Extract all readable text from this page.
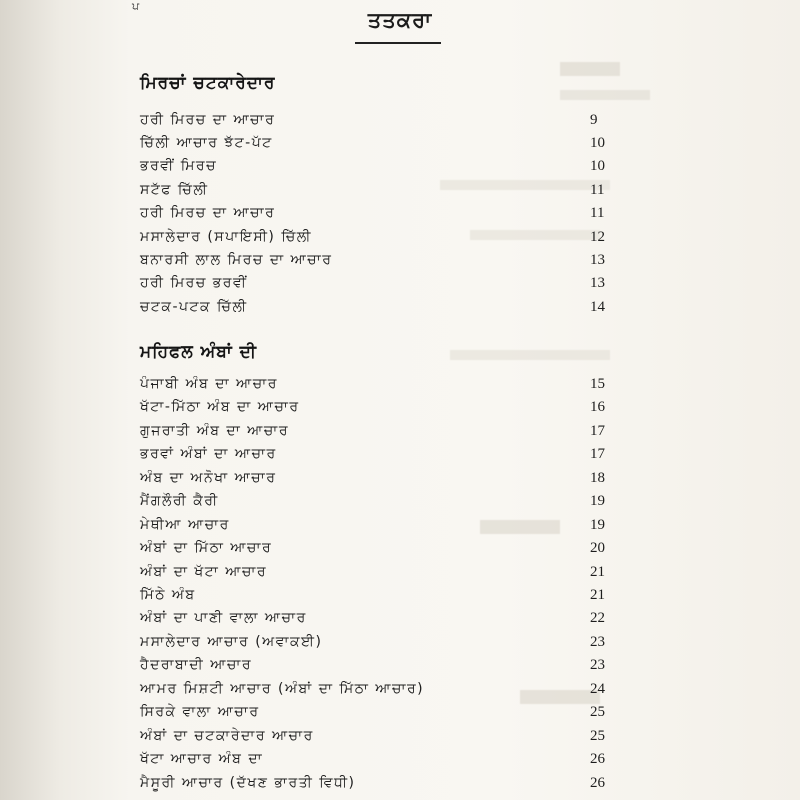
ਪ
ਤਤਕਰਾ
ਮਿਰਚਾਂ ਚਟਕਾਰੇਦਾਰ
ਹਰੀ ਮਿਰਚ ਦਾ ਆਚਾਰ	9
ਚਿੱਲੀ ਆਚਾਰ ਝੱਟ-ਪੱਟ	10
ਭਰਵੀਂ ਮਿਰਚ	10
ਸਟੱਫ ਚਿੱਲੀ	11
ਹਰੀ ਮਿਰਚ ਦਾ ਆਚਾਰ	11
ਮਸਾਲੇਦਾਰ (ਸਪਾਇਸੀ) ਚਿੱਲੀ	12
ਬਨਾਰਸੀ ਲਾਲ ਮਿਰਚ ਦਾ ਆਚਾਰ	13
ਹਰੀ ਮਿਰਚ ਭਰਵੀਂ	13
ਚਟਕ-ਪਟਕ ਚਿੱਲੀ	14
ਮਹਿਫਲ ਅੰਬਾਂ ਦੀ
ਪੰਜਾਬੀ ਅੰਬ ਦਾ ਆਚਾਰ	15
ਖੱਟਾ-ਮਿੱਠਾ ਅੰਬ ਦਾ ਆਚਾਰ	16
ਗੁਜਰਾਤੀ ਅੰਬ ਦਾ ਆਚਾਰ	17
ਭਰਵਾਂ ਅੰਬਾਂ ਦਾ ਆਚਾਰ	17
ਅੰਬ ਦਾ ਅਨੋਖਾ ਆਚਾਰ	18
ਮੈਂਗਲੌਰੀ ਕੈਰੀ	19
ਮੇਥੀਆ ਆਚਾਰ	19
ਅੰਬਾਂ ਦਾ ਮਿੱਠਾ ਆਚਾਰ	20
ਅੰਬਾਂ ਦਾ ਖੱਟਾ ਆਚਾਰ	21
ਮਿੱਠੇ ਅੰਬ	21
ਅੰਬਾਂ ਦਾ ਪਾਣੀ ਵਾਲਾ ਆਚਾਰ	22
ਮਸਾਲੇਦਾਰ ਆਚਾਰ (ਅਵਾਕਈ)	23
ਹੈਦਰਾਬਾਦੀ ਆਚਾਰ	23
ਆਮਰ ਮਿਸ਼ਟੀ ਆਚਾਰ (ਅੰਬਾਂ ਦਾ ਮਿੱਠਾ ਆਚਾਰ)	24
ਸਿਰਕੇ ਵਾਲਾ ਆਚਾਰ	25
ਅੰਬਾਂ ਦਾ ਚਟਕਾਰੇਦਾਰ ਆਚਾਰ	25
ਖੱਟਾ ਆਚਾਰ ਅੰਬ ਦਾ	26
ਮੈਸੂਰੀ ਆਚਾਰ (ਦੱਖਣ ਭਾਰਤੀ ਵਿਧੀ)	26
